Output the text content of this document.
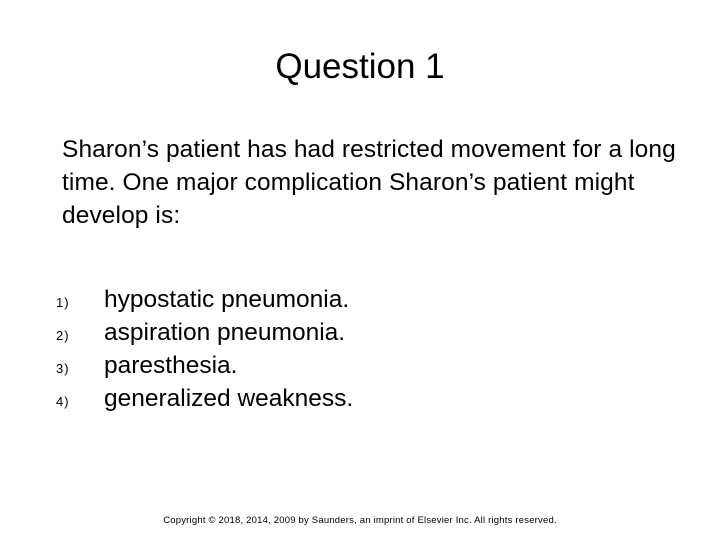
Question 1
Sharon’s patient has had restricted movement for a long time. One major complication Sharon’s patient might develop is:
1)	hypostatic pneumonia.
2)	aspiration pneumonia.
3)	paresthesia.
4)	generalized weakness.
Copyright © 2018, 2014, 2009 by Saunders, an imprint of Elsevier Inc. All rights reserved.
